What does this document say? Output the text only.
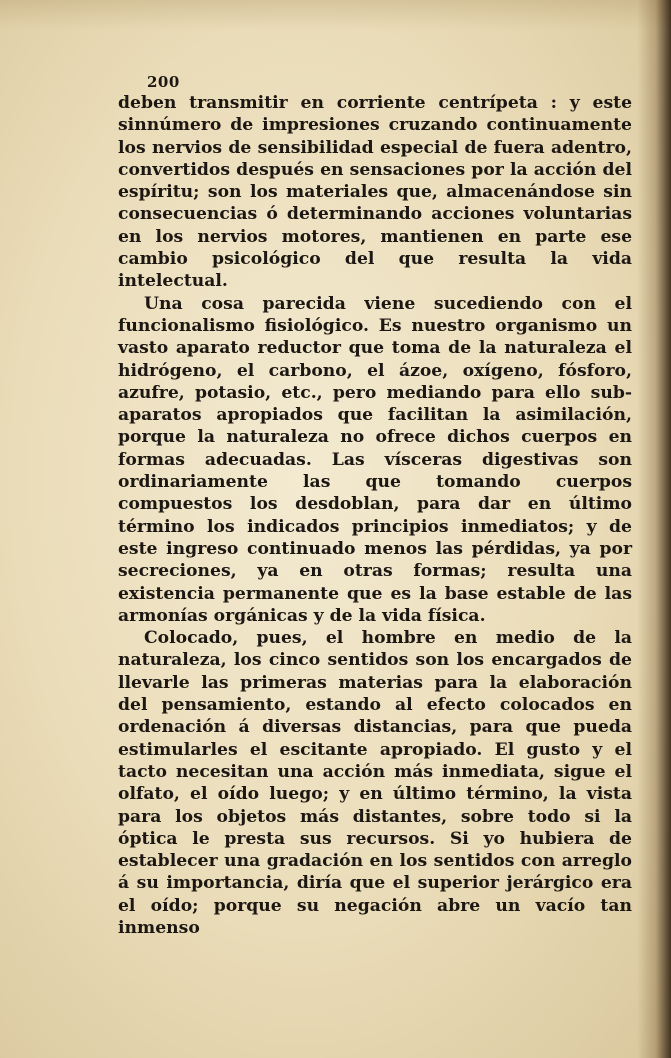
200

deben transmitir en corriente centrípeta : y este sinnúmero de impresiones cruzando continuamente los nervios de sensibilidad especial de fuera adentro, convertidos después en sensaciones por la acción del espíritu; son los materiales que, almacenándose sin consecuencias ó determinando acciones voluntarias en los nervios motores, mantienen en parte ese cambio psicológico del que resulta la vida intelectual.

Una cosa parecida viene sucediendo con el funcionalismo fisiológico. Es nuestro organismo un vasto aparato reductor que toma de la naturaleza el hidrógeno, el carbono, el ázoe, oxígeno, fósforo, azufre, potasio, etc., pero mediando para ello sub-aparatos apropiados que facilitan la asimilación, porque la naturaleza no ofrece dichos cuerpos en formas adecuadas. Las vísceras digestivas son ordinariamente las que tomando cuerpos compuestos los desdoblan, para dar en último término los indicados principios inmediatos; y de este ingreso continuado menos las pérdidas, ya por secreciones, ya en otras formas; resulta una existencia permanente que es la base estable de las armonías orgánicas y de la vida física.

Colocado, pues, el hombre en medio de la naturaleza, los cinco sentidos son los encargados de llevarle las primeras materias para la elaboración del pensamiento, estando al efecto colocados en ordenación á diversas distancias, para que pueda estimularles el escitante apropiado. El gusto y el tacto necesitan una acción más inmediata, sigue el olfato, el oído luego; y en último término, la vista para los objetos más distantes, sobre todo si la óptica le presta sus recursos. Si yo hubiera de establecer una gradación en los sentidos con arreglo á su importancia, diría que el superior jerárgico era el oído; porque su negación abre un vacío tan inmenso
